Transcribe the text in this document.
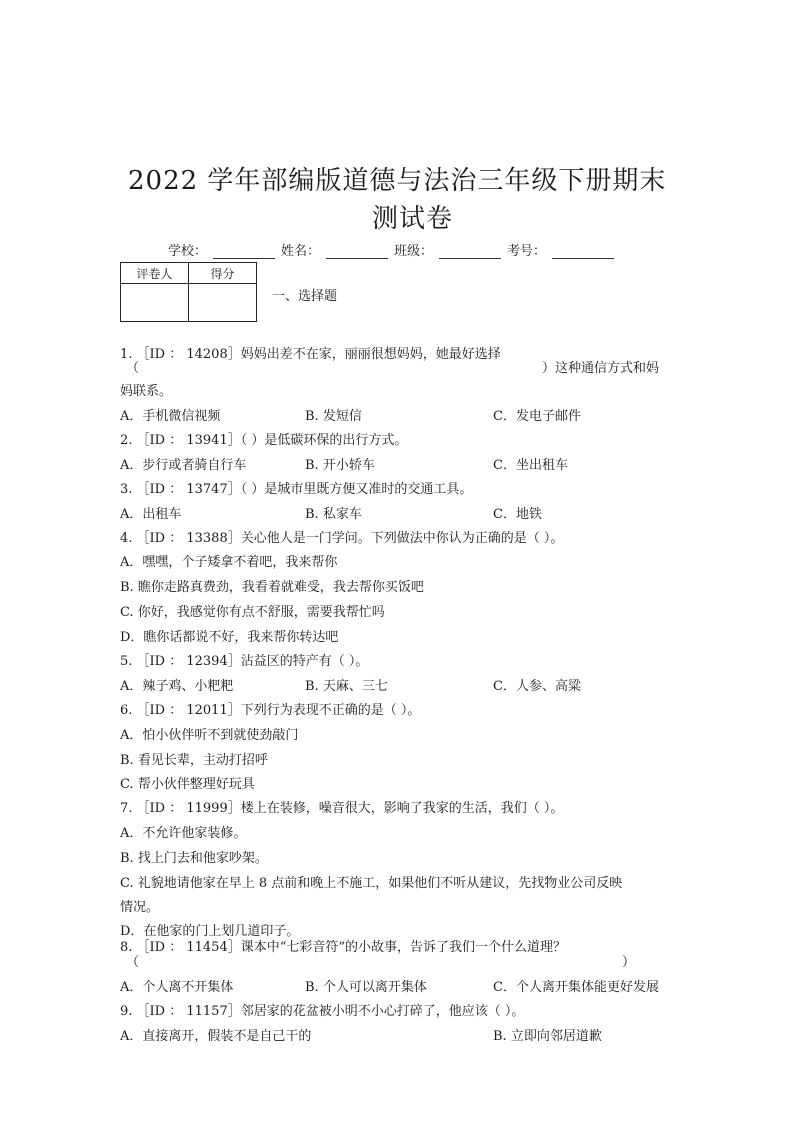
2022 学年部编版道德与法治三年级下册期末
测试卷
学校：	姓名：	班级：	考号：
评卷人	得分

一、选择题
1. ［ID ： 14208］妈妈出差不在家，丽丽很想妈妈，她最好选择
（	）这种通信方式和妈
妈联系。
A．手机微信视频	B. 发短信	C．发电子邮件
2. ［ID ： 13941］（ ）是低碳环保的出行方式。
A．步行或者骑自行车	B. 开小轿车	C．坐出租车
3. ［ID ： 13747］（ ）是城市里既方便又准时的交通工具。
A．出租车	B. 私家车	C．地铁
4. ［ID ： 13388］关心他人是一门学问。下列做法中你认为正确的是（ ）。
A．嘿嘿，个子矮拿不着吧，我来帮你
B. 瞧你走路真费劲，我看着就难受，我去帮你买饭吧
C. 你好，我感觉你有点不舒服，需要我帮忙吗
D．瞧你话都说不好，我来帮你转达吧
5. ［ID ： 12394］沾益区的特产有（ ）。
A．辣子鸡、小粑粑	B. 天麻、三七	C．人参、高粱
6. ［ID ： 12011］下列行为表现不正确的是（ ）。
A．怕小伙伴听不到就使劲敲门
B. 看见长辈，主动打招呼
C. 帮小伙伴整理好玩具
7. ［ID ： 11999］楼上在装修，噪音很大，影响了我家的生活，我们（ ）。
A．不允许他家装修。
B. 找上门去和他家吵架。
C. 礼貌地请他家在早上 8 点前和晚上不施工，如果他们不听从建议，先找物业公司反映
情况。
D．在他家的门上划几道印子。
8. ［ID ： 11454］课本中“七彩音符”的小故事，告诉了我们一个什么道理？
（	）
A．个人离不开集体	B. 个人可以离开集体	C．个人离开集体能更好发展
9. ［ID ： 11157］邻居家的花盆被小明不小心打碎了，他应该（ ）。
A．直接离开，假装不是自己干的	B. 立即向邻居道歉
